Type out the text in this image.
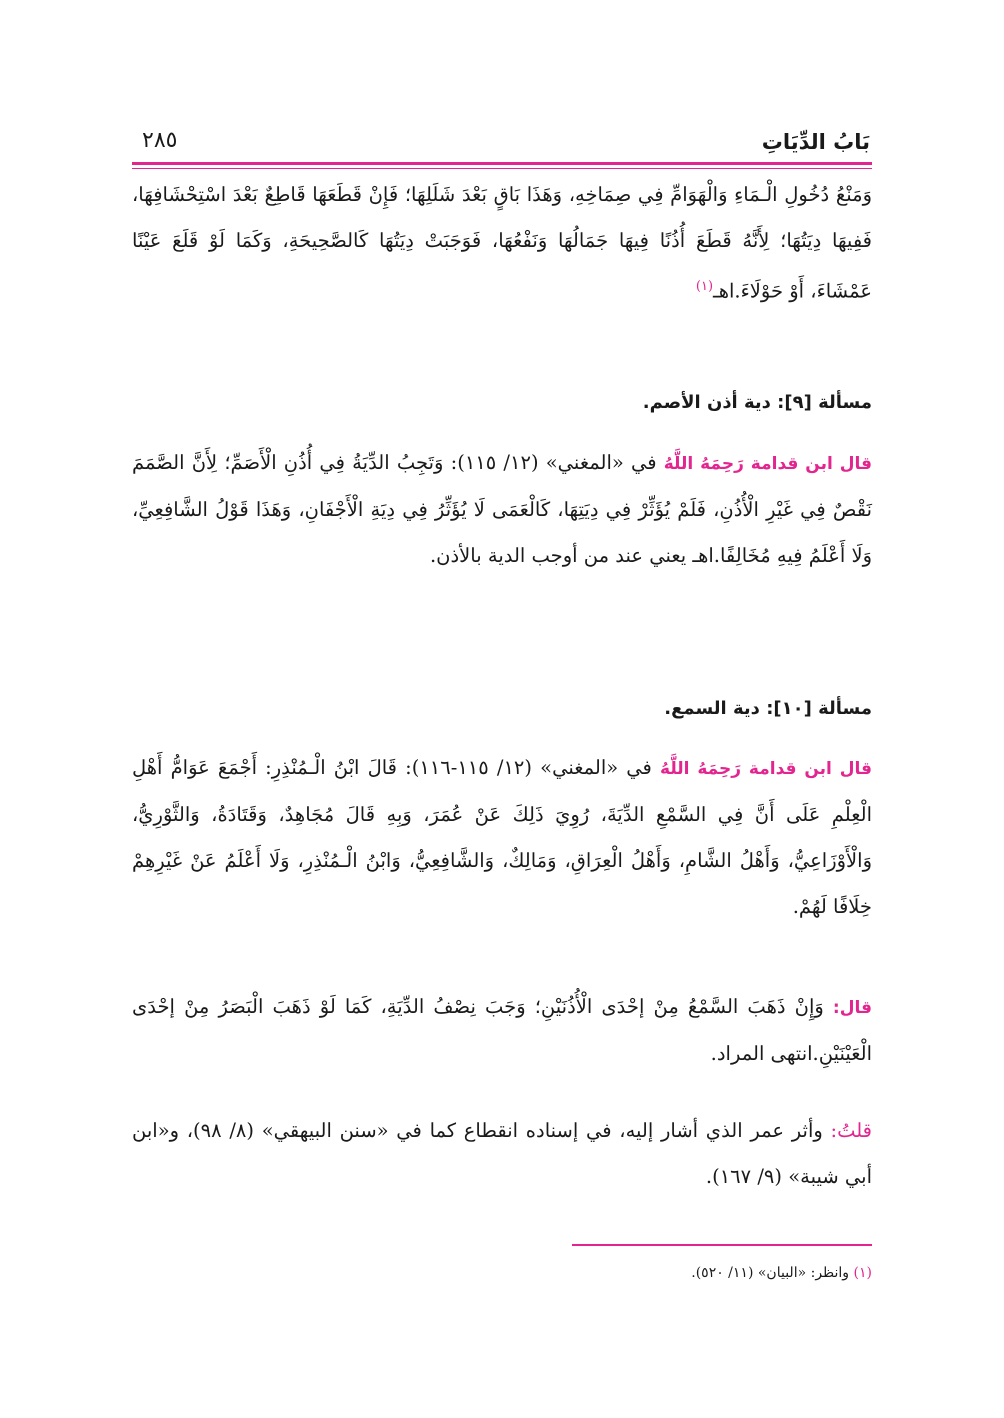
بَابُ الدِّيَاتِ
٢٨٥

وَمَنْعُ دُخُولِ الْـمَاءِ وَالْهَوَامِّ فِي صِمَاخِهِ، وَهَذَا بَاقٍ بَعْدَ شَلَلِهَا؛ فَإِنْ قَطَعَهَا قَاطِعٌ بَعْدَ اسْتِحْشَافِهَا، فَفِيهَا دِيَتُهَا؛ لِأَنَّهُ قَطَعَ أُذُنًا فِيهَا جَمَالُهَا وَنَفْعُهَا، فَوَجَبَتْ دِيَتُهَا كَالصَّحِيحَةِ، وَكَمَا لَوْ قَلَعَ عَيْنًا عَمْشَاءَ، أَوْ حَوْلَاءَ.اهـ$^{(١)}$

مسألة [٩]: دية أذن الأصم.

قال ابن قدامة رَحِمَهُ اللَّهُ في «المغني» (١٢/ ١١٥): وَتَجِبُ الدِّيَةُ فِي أُذُنِ الْأَصَمِّ؛ لِأَنَّ الصَّمَمَ نَقْصٌ فِي غَيْرِ الْأُذُنِ، فَلَمْ يُؤَثِّرْ فِي دِيَتِهَا، كَالْعَمَى لَا يُؤَثِّرُ فِي دِيَةِ الْأَجْفَانِ، وَهَذَا قَوْلُ الشَّافِعِيِّ، وَلَا أَعْلَمُ فِيهِ مُخَالِفًا.اهـ يعني عند من أوجب الدية بالأذن.

مسألة [١٠]: دية السمع.

قال ابن قدامة رَحِمَهُ اللَّهُ في «المغني» (١٢/ ١١٥-١١٦): قَالَ ابْنُ الْـمُنْذِرِ: أَجْمَعَ عَوَامُّ أَهْلِ الْعِلْمِ عَلَى أَنَّ فِي السَّمْعِ الدِّيَةَ، رُوِيَ ذَلِكَ عَنْ عُمَرَ، وَبِهِ قَالَ مُجَاهِدٌ، وَقَتَادَةُ، وَالثَّوْرِيُّ، وَالْأَوْزَاعِيُّ، وَأَهْلُ الشَّامِ، وَأَهْلُ الْعِرَاقِ، وَمَالِكٌ، وَالشَّافِعِيُّ، وَابْنُ الْـمُنْذِرِ، وَلَا أَعْلَمُ عَنْ غَيْرِهِمْ خِلَافًا لَهُمْ.

قال: وَإِنْ ذَهَبَ السَّمْعُ مِنْ إحْدَى الْأُذُنَيْنِ؛ وَجَبَ نِصْفُ الدِّيَةِ، كَمَا لَوْ ذَهَبَ الْبَصَرُ مِنْ إحْدَى الْعَيْنَيْنِ.انتهى المراد.

قلتُ: وأثر عمر الذي أشار إليه، في إسناده انقطاع كما في «سنن البيهقي» (٨/ ٩٨)، و«ابن أبي شيبة» (٩/ ١٦٧).

(١) وانظر: «البيان» (١١/ ٥٢٠).
